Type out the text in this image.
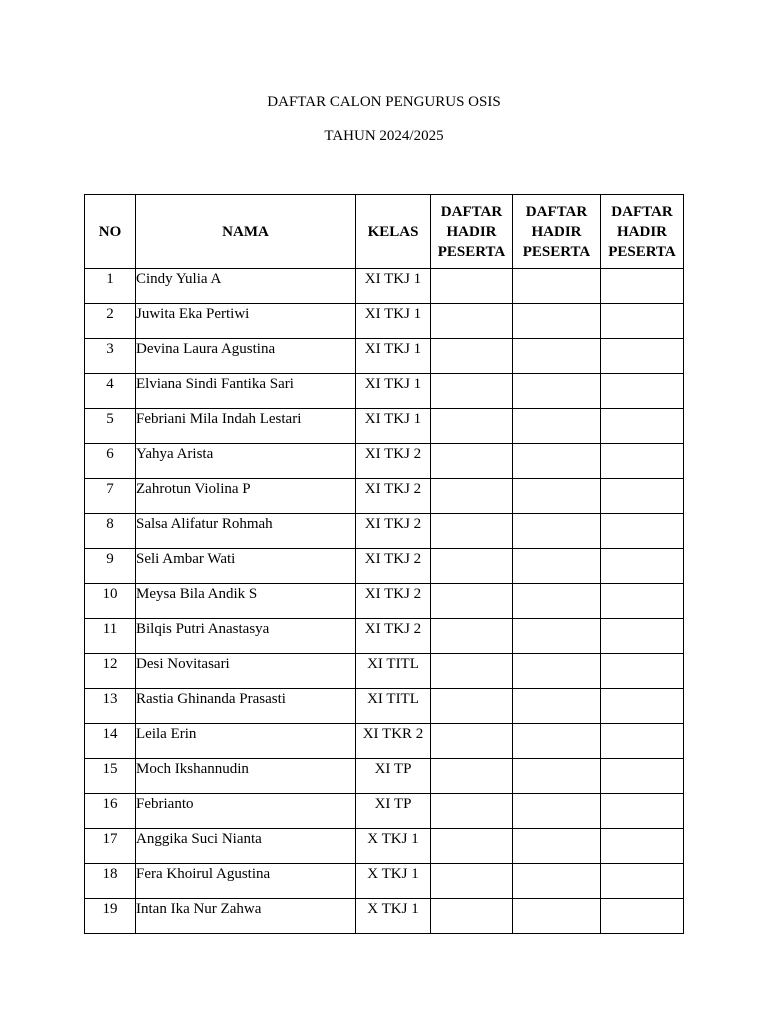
DAFTAR CALON PENGURUS OSIS
TAHUN 2024/2025
NO	NAMA	KELAS	DAFTAR HADIR PESERTA	DAFTAR HADIR PESERTA	DAFTAR HADIR PESERTA
1	Cindy Yulia A	XI TKJ 1			
2	Juwita Eka Pertiwi	XI TKJ 1			
3	Devina Laura Agustina	XI TKJ 1			
4	Elviana Sindi Fantika Sari	XI TKJ 1			
5	Febriani Mila Indah Lestari	XI TKJ 1			
6	Yahya Arista	XI TKJ 2			
7	Zahrotun Violina P	XI TKJ 2			
8	Salsa Alifatur Rohmah	XI TKJ 2			
9	Seli Ambar Wati	XI TKJ 2			
10	Meysa Bila Andik S	XI TKJ 2			
11	Bilqis Putri Anastasya	XI TKJ 2			
12	Desi Novitasari	XI TITL			
13	Rastia Ghinanda Prasasti	XI TITL			
14	Leila Erin	XI TKR 2			
15	Moch Ikshannudin	XI TP			
16	Febrianto	XI TP			
17	Anggika Suci Nianta	X TKJ 1			
18	Fera Khoirul Agustina	X TKJ 1			
19	Intan Ika Nur Zahwa	X TKJ 1			
